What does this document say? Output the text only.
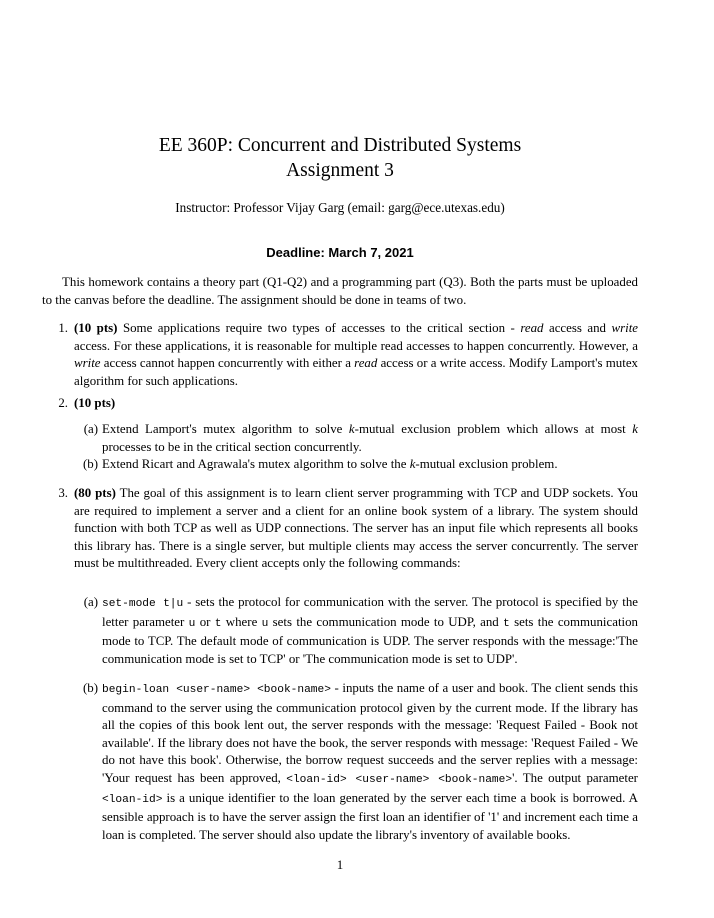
EE 360P: Concurrent and Distributed Systems
Assignment 3
Instructor: Professor Vijay Garg (email: garg@ece.utexas.edu)
Deadline: March 7, 2021
This homework contains a theory part (Q1-Q2) and a programming part (Q3). Both the parts must be uploaded to the canvas before the deadline. The assignment should be done in teams of two.
1. (10 pts) Some applications require two types of accesses to the critical section - read access and write access. For these applications, it is reasonable for multiple read accesses to happen concurrently. However, a write access cannot happen concurrently with either a read access or a write access. Modify Lamport's mutex algorithm for such applications.
2. (10 pts)
(a) Extend Lamport's mutex algorithm to solve k-mutual exclusion problem which allows at most k processes to be in the critical section concurrently.
(b) Extend Ricart and Agrawala's mutex algorithm to solve the k-mutual exclusion problem.
3. (80 pts) The goal of this assignment is to learn client server programming with TCP and UDP sockets. You are required to implement a server and a client for an online book system of a library. The system should function with both TCP as well as UDP connections. The server has an input file which represents all books this library has. There is a single server, but multiple clients may access the server concurrently. The server must be multithreaded. Every client accepts only the following commands:
(a) set-mode t|u - sets the protocol for communication with the server. The protocol is specified by the letter parameter u or t where u sets the communication mode to UDP, and t sets the communication mode to TCP. The default mode of communication is UDP. The server responds with the message:'The communication mode is set to TCP' or 'The communication mode is set to UDP'.
(b) begin-loan <user-name> <book-name> - inputs the name of a user and book. The client sends this command to the server using the communication protocol given by the current mode. If the library has all the copies of this book lent out, the server responds with the message: 'Request Failed - Book not available'. If the library does not have the book, the server responds with message: 'Request Failed - We do not have this book'. Otherwise, the borrow request succeeds and the server replies with a message: 'Your request has been approved, <loan-id> <user-name> <book-name>'. The output parameter <loan-id> is a unique identifier to the loan generated by the server each time a book is borrowed. A sensible approach is to have the server assign the first loan an identifier of '1' and increment each time a loan is completed. The server should also update the library's inventory of available books.
1
